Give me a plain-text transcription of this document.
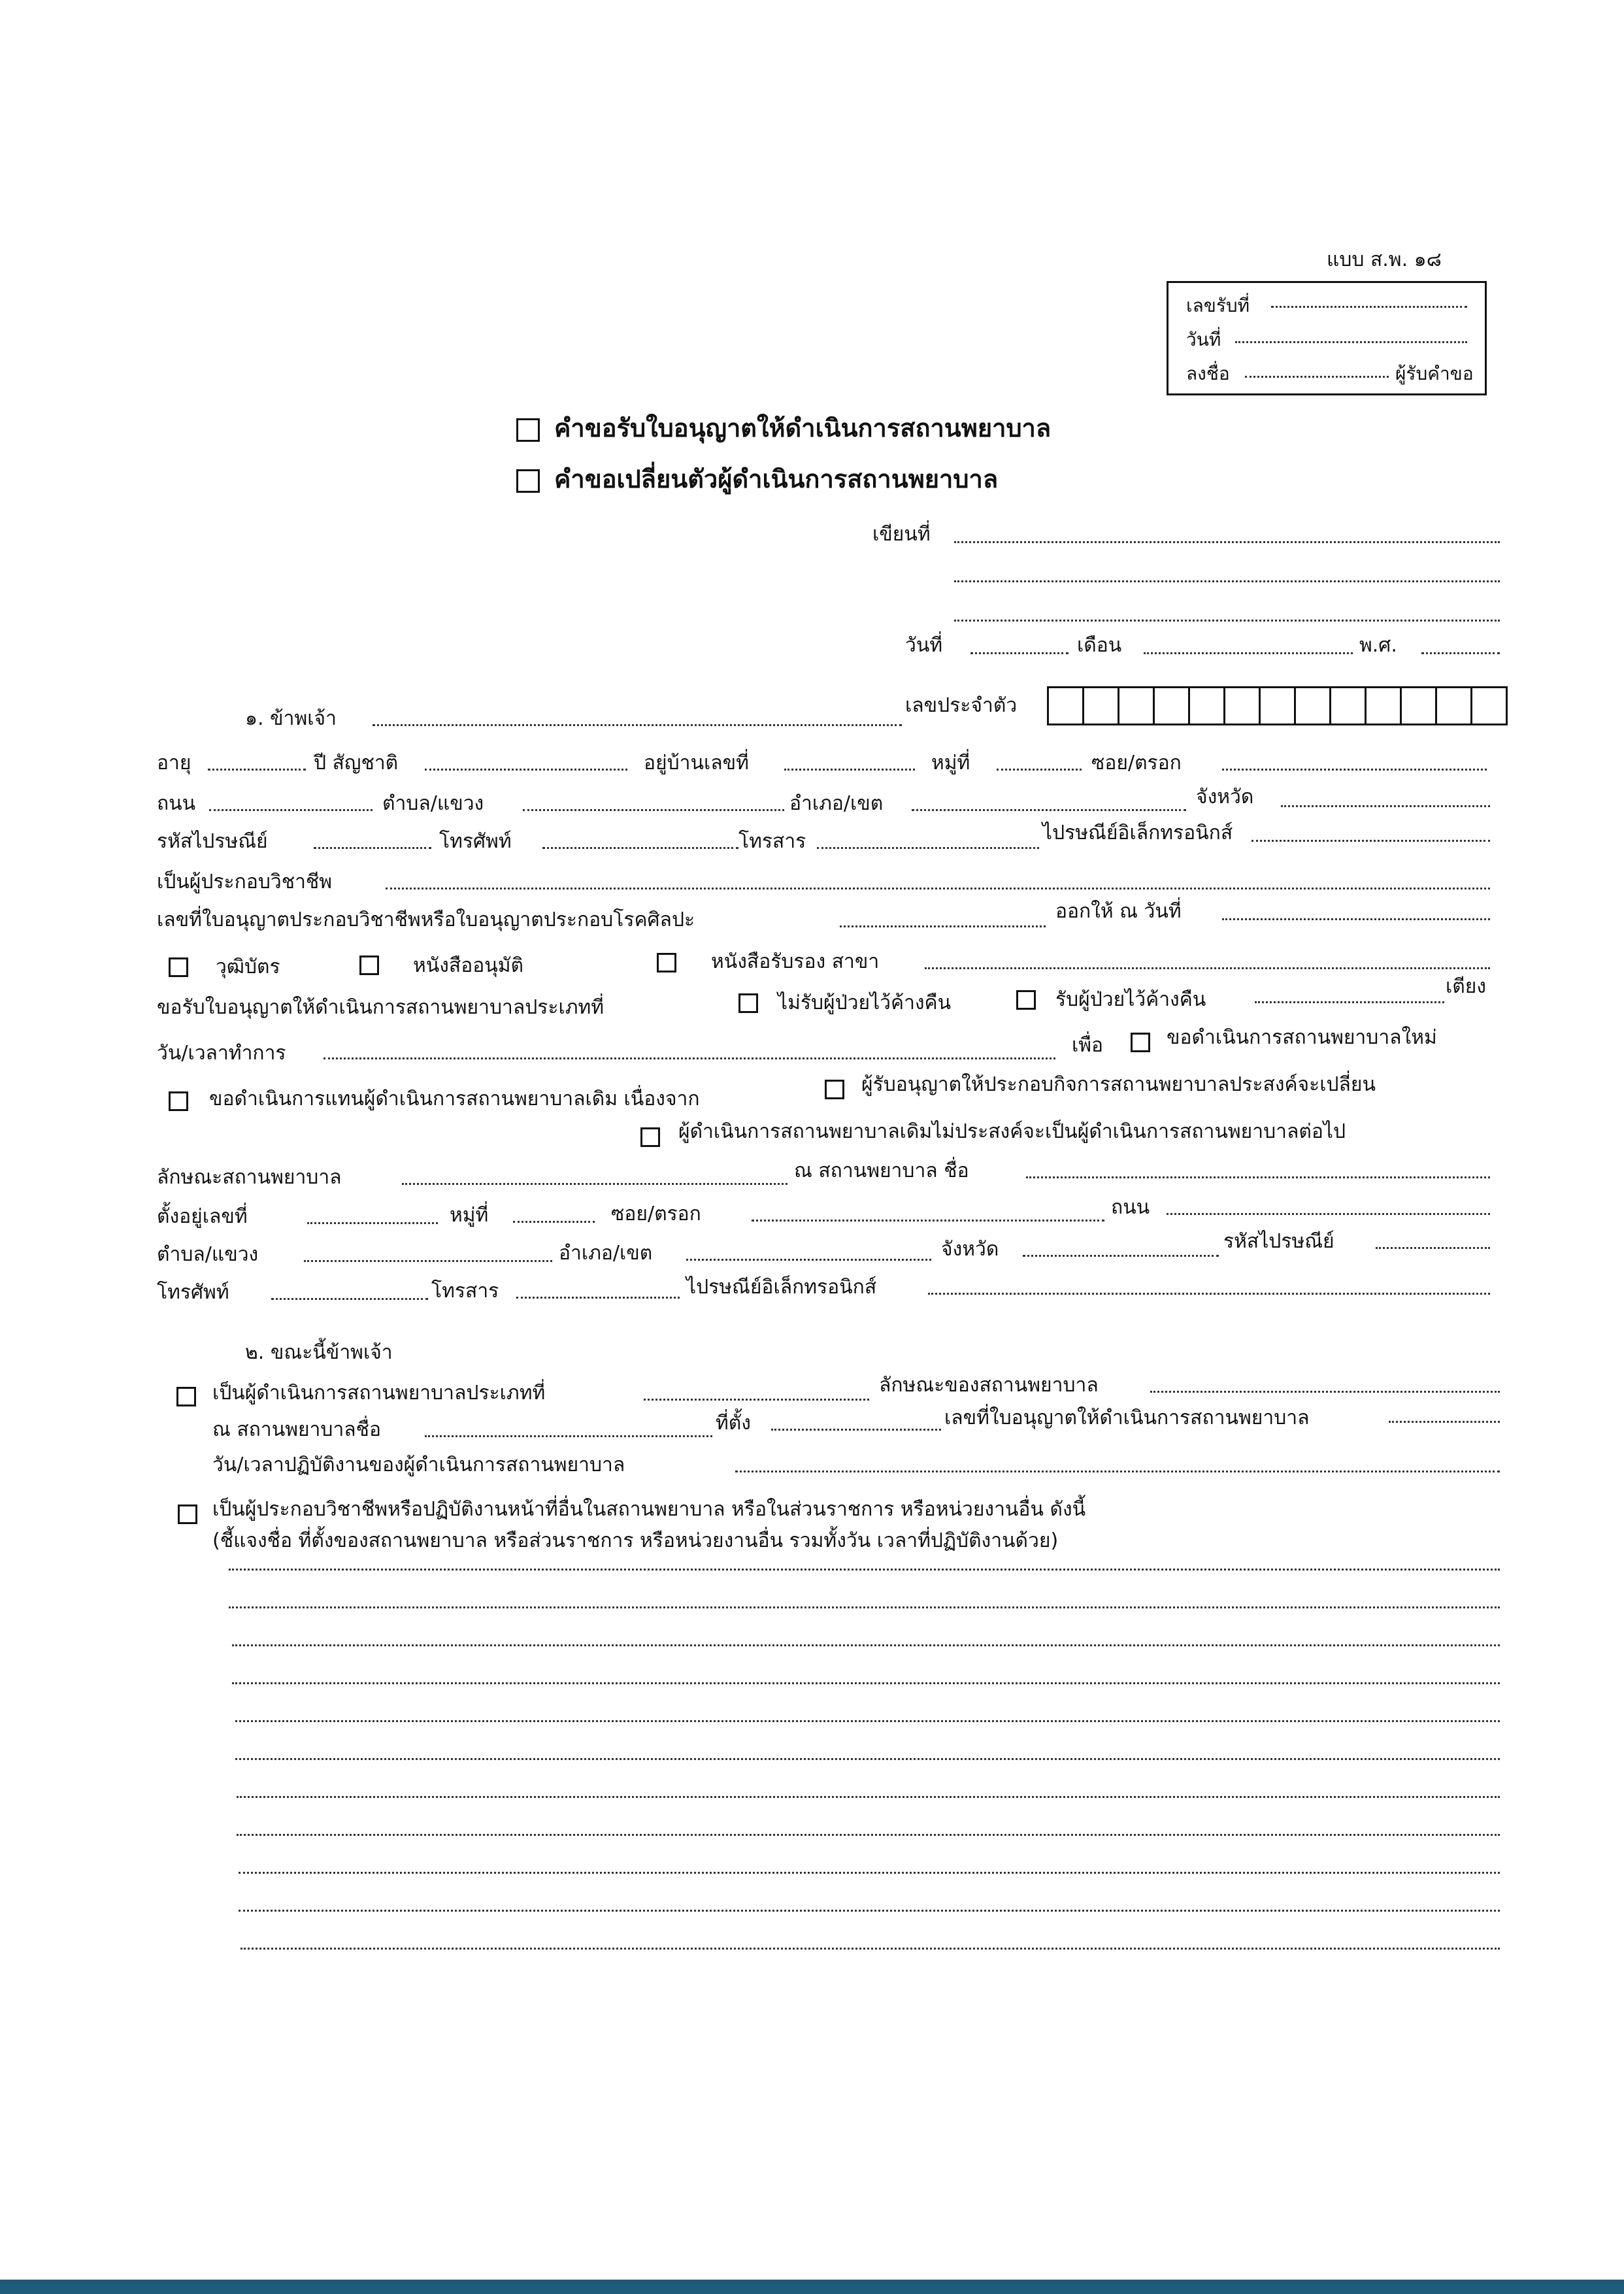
แบบ ส.พ. ๑๘
เลขรับที่
วันที่
ลงชื่อ	ผู้รับคำขอ
คำขอรับใบอนุญาตให้ดำเนินการสถานพยาบาล
คำขอเปลี่ยนตัวผู้ดำเนินการสถานพยาบาล
เขียนที่
วันที่	เดือน	พ.ศ.
๑. ข้าพเจ้า
เลขประจำตัว
อายุ	ปี สัญชาติ	อยู่บ้านเลขที่	หมู่ที่	ซอย/ตรอก
ถนน	ตำบล/แขวง	อำเภอ/เขต	จังหวัด
รหัสไปรษณีย์	โทรศัพท์	โทรสาร	ไปรษณีย์อิเล็กทรอนิกส์
เป็นผู้ประกอบวิชาชีพ
เลขที่ใบอนุญาตประกอบวิชาชีพหรือใบอนุญาตประกอบโรคศิลปะ	ออกให้ ณ วันที่
วุฒิบัตร	หนังสืออนุมัติ	หนังสือรับรอง สาขา
ขอรับใบอนุญาตให้ดำเนินการสถานพยาบาลประเภทที่	ไม่รับผู้ป่วยไว้ค้างคืน	รับผู้ป่วยไว้ค้างคืน
เตียง
วัน/เวลาทำการ	เพื่อ	ขอดำเนินการสถานพยาบาลใหม่
ขอดำเนินการแทนผู้ดำเนินการสถานพยาบาลเดิม เนื่องจาก
ผู้รับอนุญาตให้ประกอบกิจการสถานพยาบาลประสงค์จะเปลี่ยน
ผู้ดำเนินการสถานพยาบาลเดิมไม่ประสงค์จะเป็นผู้ดำเนินการสถานพยาบาลต่อไป
ลักษณะสถานพยาบาล	ณ สถานพยาบาล ชื่อ
ตั้งอยู่เลขที่	หมู่ที่	ซอย/ตรอก	ถนน
ตำบล/แขวง	อำเภอ/เขต	จังหวัด	รหัสไปรษณีย์
โทรศัพท์	โทรสาร	ไปรษณีย์อิเล็กทรอนิกส์
๒. ขณะนี้ข้าพเจ้า
เป็นผู้ดำเนินการสถานพยาบาลประเภทที่	ลักษณะของสถานพยาบาล
ณ สถานพยาบาลชื่อ	ที่ตั้ง	เลขที่ใบอนุญาตให้ดำเนินการสถานพยาบาล
วัน/เวลาปฏิบัติงานของผู้ดำเนินการสถานพยาบาล
เป็นผู้ประกอบวิชาชีพหรือปฏิบัติงานหน้าที่อื่นในสถานพยาบาล หรือในส่วนราชการ หรือหน่วยงานอื่น ดังนี้
(ชี้แจงชื่อ ที่ตั้งของสถานพยาบาล หรือส่วนราชการ หรือหน่วยงานอื่น รวมทั้งวัน เวลาที่ปฏิบัติงานด้วย)
